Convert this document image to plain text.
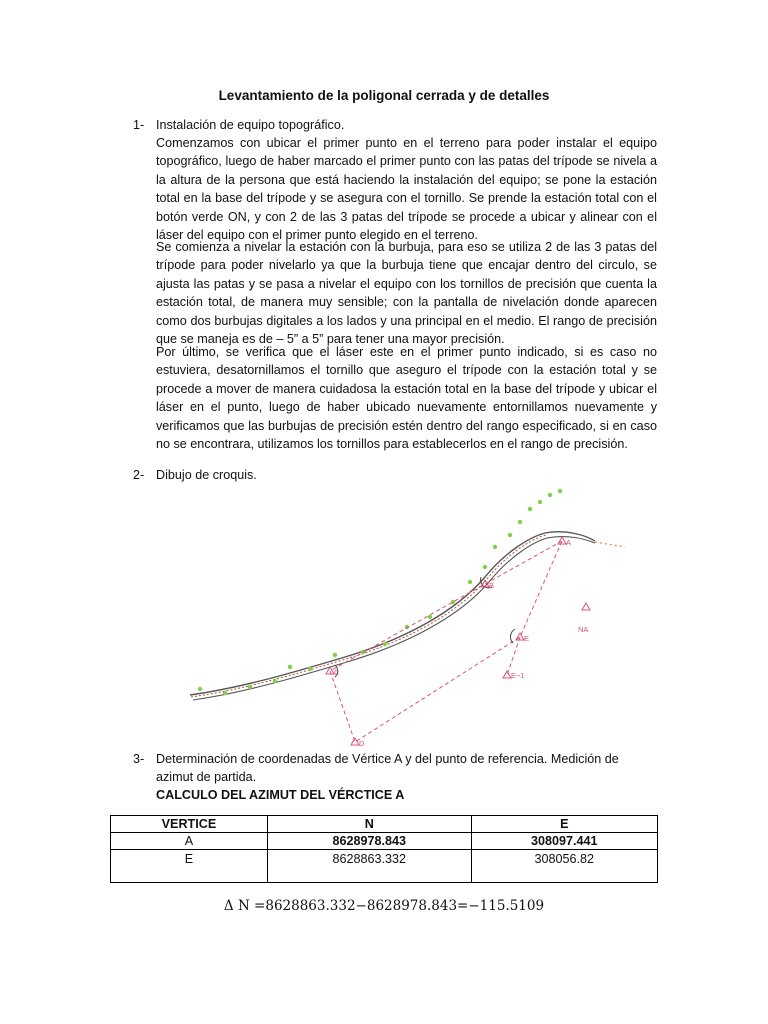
Levantamiento de la poligonal cerrada y de detalles
1- Instalación de equipo topográfico.

Comenzamos con ubicar el primer punto en el terreno para poder instalar el equipo topográfico, luego de haber marcado el primer punto con las patas del trípode se nivela a la altura de la persona que está haciendo la instalación del equipo; se pone la estación total en la base del trípode y se asegura con el tornillo. Se prende la estación total con el botón verde ON, y con 2 de las 3 patas del trípode se procede a ubicar y alinear con el láser del equipo con el primer punto elegido en el terreno.

Se comienza a nivelar la estación con la burbuja, para eso se utiliza 2 de las 3 patas del trípode para poder nivelarlo ya que la burbuja tiene que encajar dentro del circulo, se ajusta las patas y se pasa a nivelar el equipo con los tornillos de precisión que cuenta la estación total, de manera muy sensible; con la pantalla de nivelación donde aparecen como dos burbujas digitales a los lados y una principal en el medio. El rango de precisión que se maneja es de – 5” a 5” para tener una mayor precisión.

Por último, se verifica que el láser este en el primer punto indicado, si es caso no estuviera, desatornillamos el tornillo que aseguro el trípode con la estación total y se procede a mover de manera cuidadosa la estación total en la base del trípode y ubicar el láser en el punto, luego de haber ubicado nuevamente entornillamos nuevamente y verificamos que las burbujas de precisión estén dentro del rango especificado, si en caso no se encontrara, utilizamos los tornillos para establecerlos en el rango de precisión.

2- Dibujo de croquis.
A
B
C
D
E
E−1
NA
3- Determinación de coordenadas de Vértice A y del punto de referencia. Medición de
azimut de partida.
CALCULO DEL AZIMUT DEL VÉRCTICE A
VERTICE	N	E
A	8628978.843	308097.441
E	8628863.332	308056.82
Δ N =8628863.332−8628978.843=−115.5109
